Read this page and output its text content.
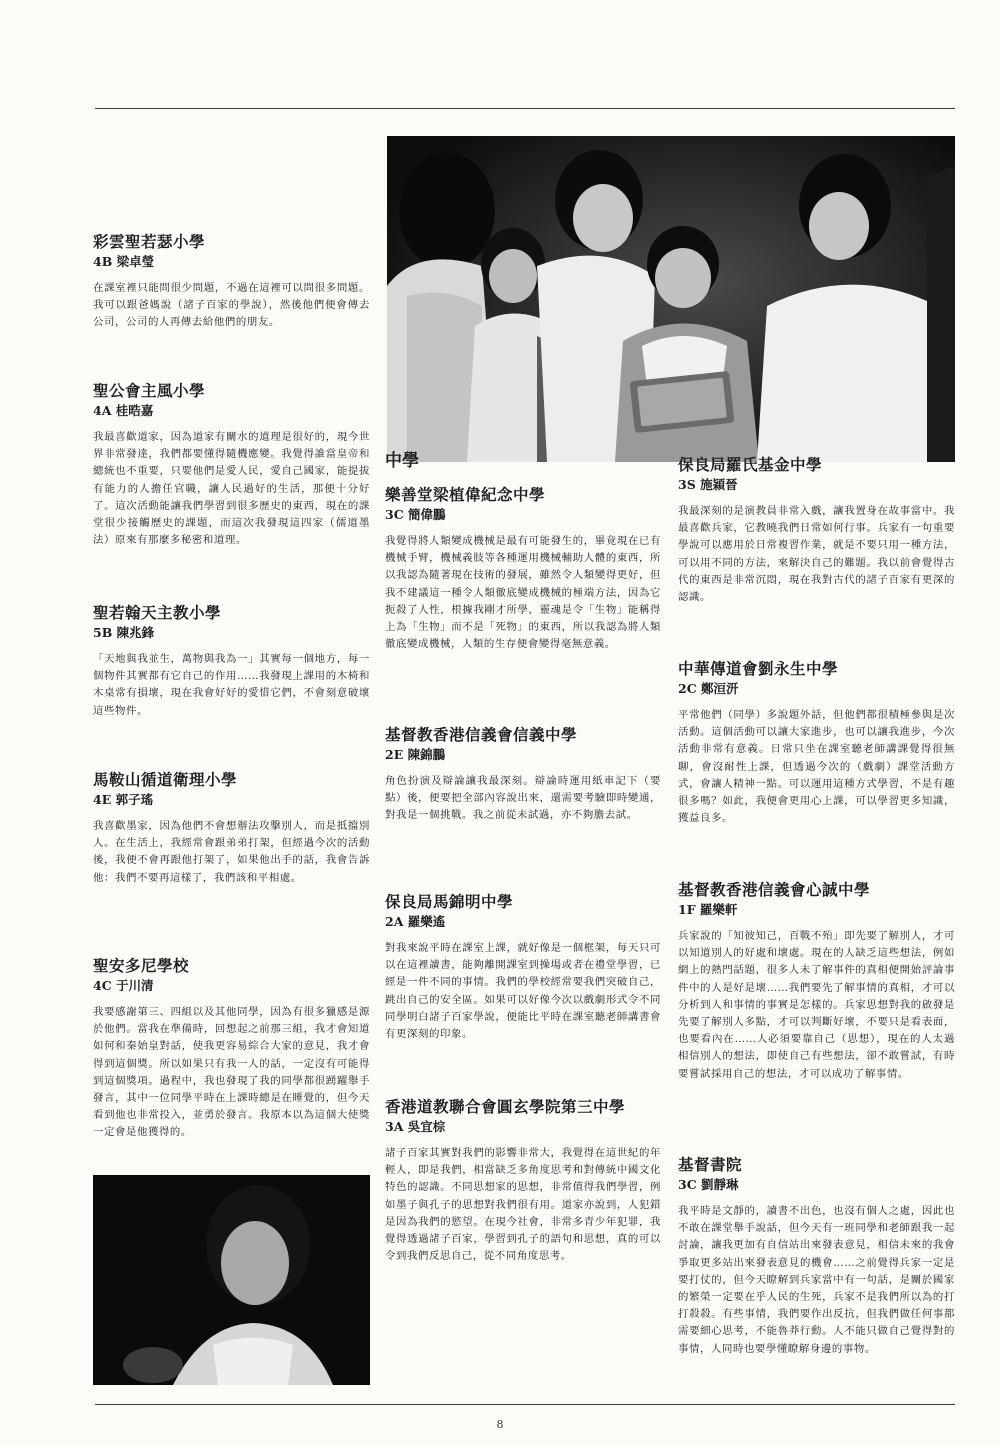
彩雲聖若瑟小學
4B 梁卓瑩

在課室裡只能問很少問題，不過在這裡可以問很多問題。我可以跟爸媽說（諸子百家的學說），然後他們便會傳去公司，公司的人再傳去給他們的朋友。

聖公會主風小學
4A 桂晧嘉

我最喜歡道家，因為道家有關水的道理是很好的，現今世界非常發達，我們都要懂得隨機應變。我覺得誰當皇帝和總統也不重要，只要他們是愛人民，愛自己國家，能提拔有能力的人擔任官職，讓人民過好的生活，那便十分好了。這次活動能讓我們學習到很多歷史的東西，現在的課堂很少接觸歷史的課題，而這次我發現這四家（儒道墨法）原來有那麼多秘密和道理。

聖若翰天主教小學
5B 陳兆鋒

「天地與我並生，萬物與我為一」其實每一個地方，每一個物件其實都有它自己的作用……我發現上課用的木椅和木桌常有損壞，現在我會好好的愛惜它們，不會刻意破壞這些物件。

馬鞍山循道衛理小學
4E 郭子瑤

我喜歡墨家，因為他們不會想辦法攻擊別人，而是抵擋別人。在生活上，我經常會跟弟弟打架，但經過今次的活動後，我便不會再跟他打架了，如果他出手的話，我會告訴他：我們不要再這樣了，我們該和平相處。

聖安多尼學校
4C 于川清

我要感謝第三、四組以及其他同學，因為有很多獵感是源於他們。當我在準備時，回想起之前那三組，我才會知道如何和秦始皇對話，使我更容易綜合大家的意見，我才會得到這個獎。所以如果只有我一人的話，一定沒有可能得到這個獎項。過程中，我也發現了我的同學都很踴躍舉手發言，其中一位同學平時在上課時總是在睡覺的，但今天看到他也非常投入，並勇於發言。我原本以為這個大使獎一定會是他獲得的。

中學
樂善堂梁植偉紀念中學
3C 簡偉鵬

我覺得將人類變成機械是最有可能發生的，畢竟現在已有機械手臂，機械義肢等各種運用機械輔助人體的東西，所以我認為隨著現在技術的發展，雖然令人類變得更好，但我不建議這一種令人類徹底變成機械的極端方法，因為它扼殺了人性，根據我剛才所學，靈魂是令「生物」能稱得上為「生物」而不是「死物」的東西，所以我認為將人類徹底變成機械，人類的生存便會變得毫無意義。

基督教香港信義會信義中學
2E 陳錦鵬

角色扮演及辯論讓我最深刻。辯論時運用紙車記下（要點）後，便要把全部內容說出來，還需要考驗即時變通，對我是一個挑戰。我之前從未試過，亦不夠膽去試。

保良局馬錦明中學
2A 羅樂遙

對我來說平時在課室上課，就好像是一個框架，每天只可以在這裡讀書，能夠離開課室到操場或者在禮堂學習，已經是一件不同的事情。我們的學校經常要我們突破自己，跳出自己的安全區。如果可以好像今次以戲劇形式令不同同學明白諸子百家學說，便能比平時在課室聽老師講書會有更深刻的印象。

香港道教聯合會圓玄學院第三中學
3A 吳宜棕

諸子百家其實對我們的影響非常大，我覺得在這世紀的年輕人，即是我們，相當缺乏多角度思考和對傳統中國文化特色的認識。不同思想家的思想，非常值得我們學習，例如墨子與孔子的思想對我們很有用。道家亦說到，人犯錯是因為我們的慾望。在現今社會，非常多青少年犯罪，我覺得透過諸子百家，學習到孔子的語句和思想，真的可以令到我們反思自己，從不同角度思考。

保良局羅氏基金中學
3S 施穎晉

我最深刻的是演教員非常入戲，讓我置身在故事當中。我最喜歡兵家，它教曉我們日常如何行事。兵家有一句重要學說可以應用於日常複習作業，就是不要只用一種方法，可以用不同的方法，來解決自己的難題。我以前會覺得古代的東西是非常沉悶，現在我對古代的諸子百家有更深的認識。

中華傳道會劉永生中學
2C 鄭洹汧

平常他們（同學）多說題外話，但他們都很積極參與是次活動。這個活動可以讓大家進步，也可以讓我進步，今次活動非常有意義。日常只坐在課室聽老師講課覺得很無聊，會沒耐性上課，但透過今次的（戲劇）課堂活動方式，會讓人精神一點。可以運用這種方式學習，不是有趣很多嗎？如此，我便會更用心上課，可以學習更多知識，獲益良多。

基督教香港信義會心誠中學
1F 羅樂軒

兵家說的「知彼知己，百戰不殆」即先要了解別人，才可以知道別人的好處和壞處。現在的人缺乏這些想法，例如網上的熱門話題，很多人未了解事件的真相便開始評論事件中的人是好是壞……我們要先了解事情的真相，才可以分析到人和事情的事實是怎樣的。兵家思想對我的啟發是先要了解別人多點，才可以判斷好壞，不要只是看表面，也要看內在……人必須要靠自己（思想），現在的人太過相信別人的想法，即使自己有些想法，卻不敢嘗試，有時要嘗試採用自己的想法，才可以成功了解事情。

基督書院
3C 劉靜琳

我平時是文靜的，讀書不出色，也沒有個人之處，因此也不敢在課堂舉手說話，但今天有一班同學和老師跟我一起討論，讓我更加有自信站出來發表意見，相信未來的我會爭取更多站出來發表意見的機會……之前覺得兵家一定是要打仗的，但今天瞭解到兵家當中有一句話，是關於國家的繁榮一定要在乎人民的生死，兵家不是我們所以為的打打殺殺。有些事情，我們要作出反抗，但我們做任何事都需要細心思考，不能魯莽行動。人不能只做自己覺得對的事情，人同時也要學懂瞭解身邊的事物。

8
